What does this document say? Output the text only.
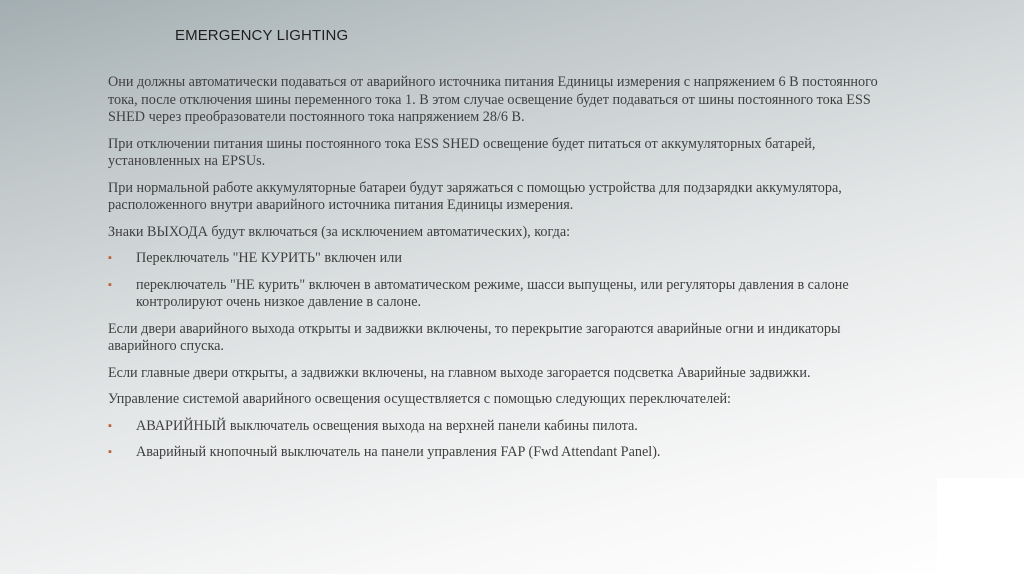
EMERGENCY LIGHTING

Они должны автоматически подаваться от аварийного источника питания Единицы измерения с напряжением 6 В постоянного тока, после отключения шины переменного тока 1. В этом случае освещение будет подаваться от шины постоянного тока ESS SHED через преобразователи постоянного тока напряжением 28/6 В.

При отключении питания шины постоянного тока ESS SHED освещение будет питаться от аккумуляторных батарей, установленных на EPSUs.

При нормальной работе аккумуляторные батареи будут заряжаться с помощью устройства для подзарядки аккумулятора, расположенного внутри аварийного источника питания Единицы измерения.

Знаки ВЫХОДА будут включаться (за исключением автоматических), когда:

▪ Переключатель "НЕ КУРИТЬ" включен или
▪ переключатель "НЕ курить" включен в автоматическом режиме, шасси выпущены, или регуляторы давления в салоне контролируют очень низкое давление в салоне.

Если двери аварийного выхода открыты и задвижки включены, то перекрытие загораются аварийные огни и индикаторы аварийного спуска.

Если главные двери открыты, а задвижки включены, на главном выходе загорается подсветка Аварийные задвижки.

Управление системой аварийного освещения осуществляется с помощью следующих переключателей:

▪ АВАРИЙНЫЙ выключатель освещения выхода на верхней панели кабины пилота.
▪ Аварийный кнопочный выключатель на панели управления FAP (Fwd Attendant Panel).
